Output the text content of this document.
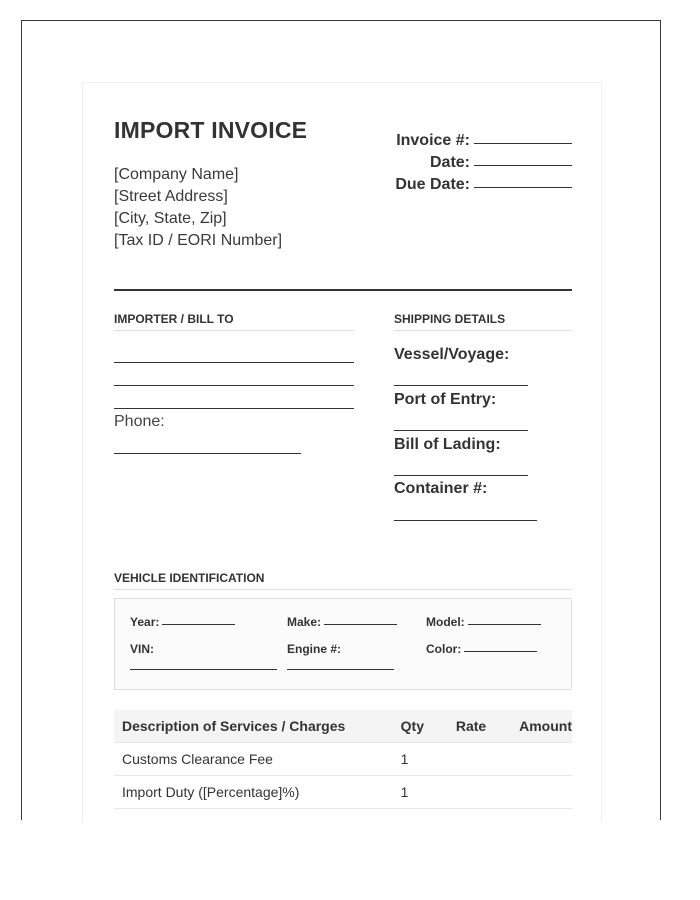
IMPORT INVOICE
[Company Name]
[Street Address]
[City, State, Zip]
[Tax ID / EORI Number]
Invoice #:
Date:
Due Date:
IMPORTER / BILL TO
Phone:
SHIPPING DETAILS
Vessel/Voyage:
Port of Entry:
Bill of Lading:
Container #:
VEHICLE IDENTIFICATION
Year:	Make:	Model:
VIN:	Engine #:	Color:
Description of Services / Charges	Qty	Rate	Amount
Customs Clearance Fee	1		
Import Duty ([Percentage]%)	1		
